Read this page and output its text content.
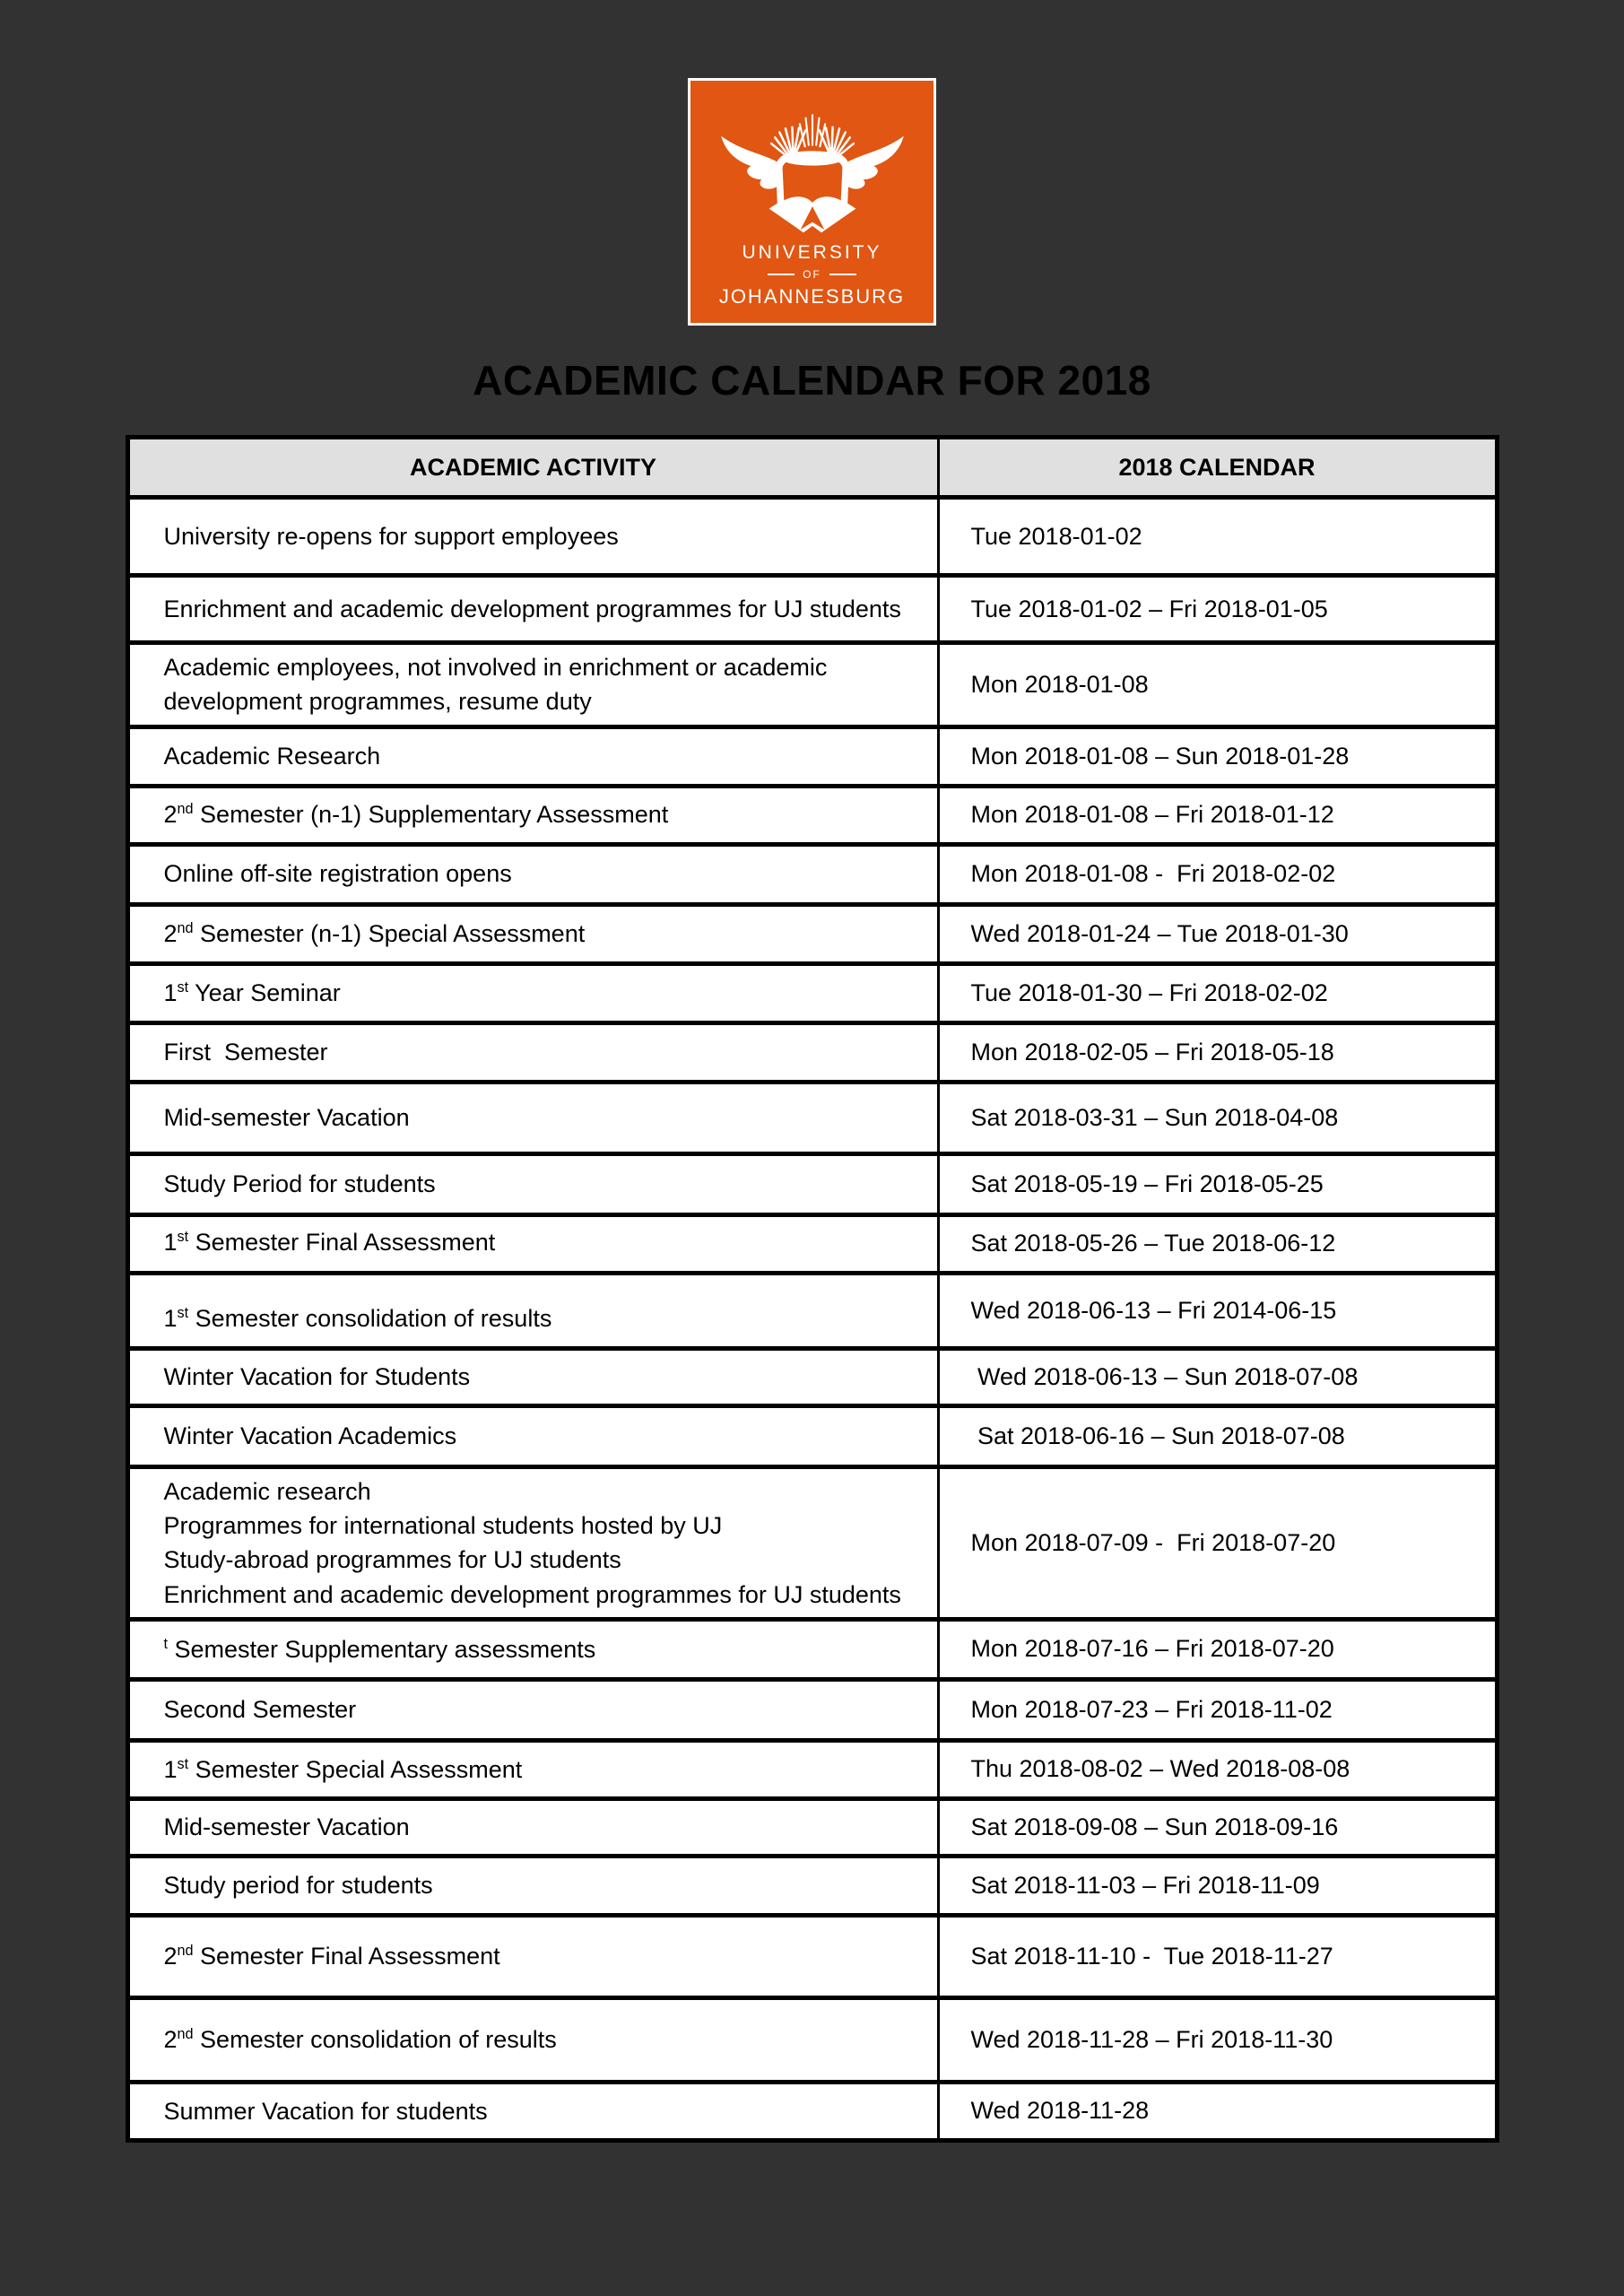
UNIVERSITY
OF
JOHANNESBURG
ACADEMIC CALENDAR FOR 2018
ACADEMIC ACTIVITY	2018 CALENDAR

University re-opens for support employees	Tue 2018-01-02

Enrichment and academic development programmes for UJ students	Tue 2018-01-02 – Fri 2018-01-05

Academic employees, not involved in enrichment or academic development programmes, resume duty	Mon 2018-01-08

Academic Research	Mon 2018-01-08 – Sun 2018-01-28

2nd Semester (n-1) Supplementary Assessment	Mon 2018-01-08 – Fri 2018-01-12

Online off-site registration opens	Mon 2018-01-08 -  Fri 2018-02-02

2nd Semester (n-1) Special Assessment	Wed 2018-01-24 – Tue 2018-01-30

1st Year Seminar	Tue 2018-01-30 – Fri 2018-02-02

First  Semester	Mon 2018-02-05 – Fri 2018-05-18

Mid-semester Vacation	Sat 2018-03-31 – Sun 2018-04-08

Study Period for students	Sat 2018-05-19 – Fri 2018-05-25

1st Semester Final Assessment	Sat 2018-05-26 – Tue 2018-06-12

1st Semester consolidation of results	Wed 2018-06-13 – Fri 2014-06-15

Winter Vacation for Students	Wed 2018-06-13 – Sun 2018-07-08

Winter Vacation Academics	Sat 2018-06-16 – Sun 2018-07-08

Academic research
Programmes for international students hosted by UJ
Study-abroad programmes for UJ students
Enrichment and academic development programmes for UJ students	Mon 2018-07-09 -  Fri 2018-07-20

$^t$ Semester Supplementary assessments	Mon 2018-07-16 – Fri 2018-07-20

Second Semester	Mon 2018-07-23 – Fri 2018-11-02

1st Semester Special Assessment	Thu 2018-08-02 – Wed 2018-08-08

Mid-semester Vacation	Sat 2018-09-08 – Sun 2018-09-16

Study period for students	Sat 2018-11-03 – Fri 2018-11-09

2nd Semester Final Assessment	Sat 2018-11-10 -  Tue 2018-11-27

2nd Semester consolidation of results	Wed 2018-11-28 – Fri 2018-11-30

Summer Vacation for students	Wed 2018-11-28
